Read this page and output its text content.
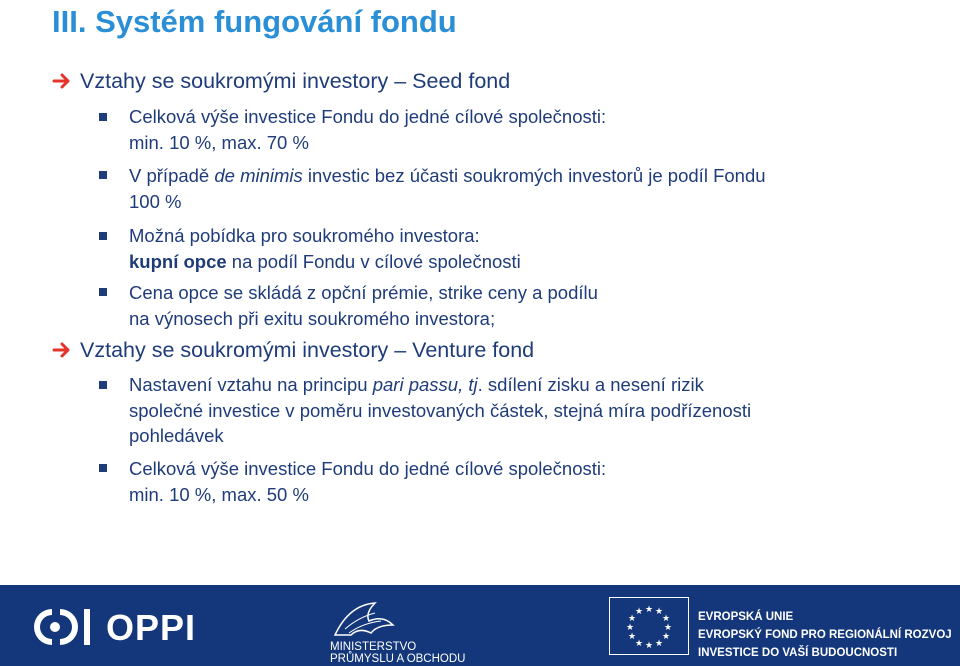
III. Systém fungování fondu
Vztahy se soukromými investory – Seed fond
Celková výše investice Fondu do jedné cílové společnosti:
min. 10 %, max. 70 %
V případě de minimis investic bez účasti soukromých investorů je podíl Fondu
100 %
Možná pobídka pro soukromého investora:
kupní opce na podíl Fondu v cílové společnosti
Cena opce se skládá z opční prémie, strike ceny a podílu
na výnosech při exitu soukromého investora;
Vztahy se soukromými investory – Venture fond
Nastavení vztahu na principu pari passu, tj. sdílení zisku a nesení rizik
společné investice v poměru investovaných částek, stejná míra podřízenosti
pohledávek
Celková výše investice Fondu do jedné cílové společnosti:
min. 10 %, max. 50 %
OPPI	MINISTERSTVO
PRŮMYSLU A OBCHODU
★ ★
★
★
★
★
★
★
★
★
★
★	EVROPSKÁ UNIE
EVROPSKÝ FOND PRO REGIONÁLNÍ ROZVOJ
INVESTICE DO VAŠÍ BUDOUCNOSTI
